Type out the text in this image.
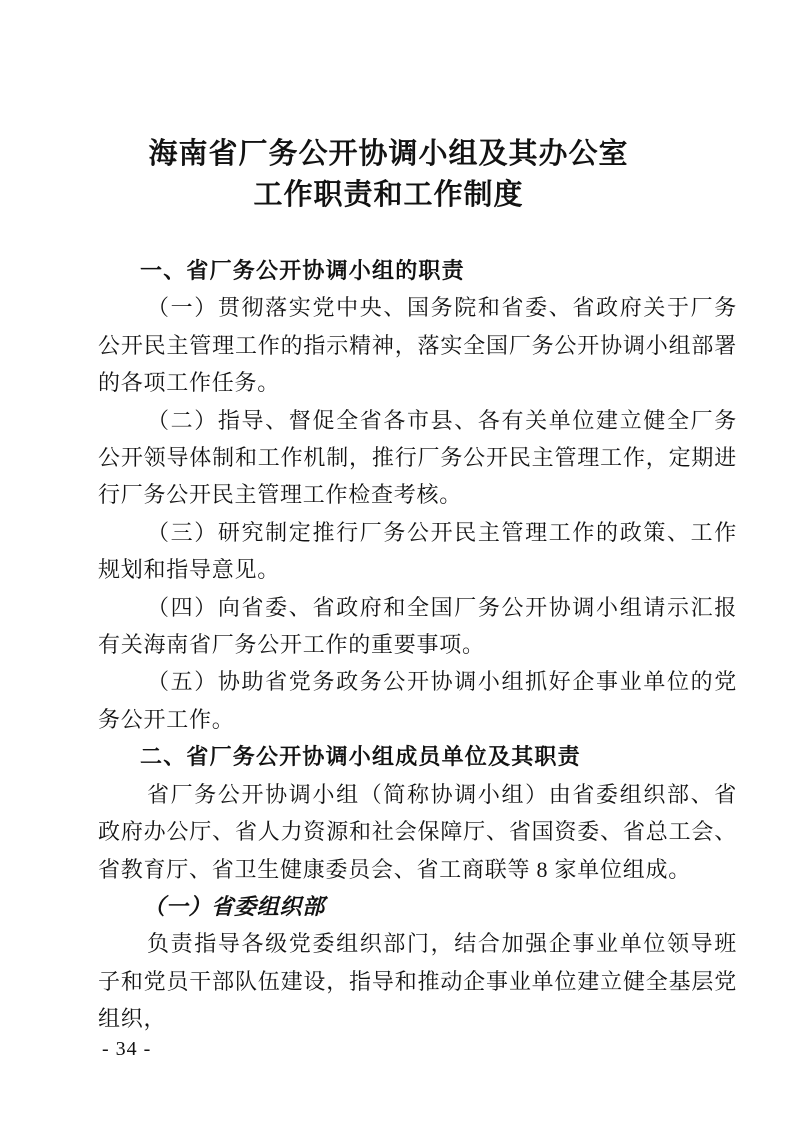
海南省厂务公开协调小组及其办公室
工作职责和工作制度

一、省厂务公开协调小组的职责

（一）贯彻落实党中央、国务院和省委、省政府关于厂务公开民主管理工作的指示精神，落实全国厂务公开协调小组部署的各项工作任务。

（二）指导、督促全省各市县、各有关单位建立健全厂务公开领导体制和工作机制，推行厂务公开民主管理工作，定期进行厂务公开民主管理工作检查考核。

（三）研究制定推行厂务公开民主管理工作的政策、工作规划和指导意见。

（四）向省委、省政府和全国厂务公开协调小组请示汇报有关海南省厂务公开工作的重要事项。

（五）协助省党务政务公开协调小组抓好企事业单位的党务公开工作。

二、省厂务公开协调小组成员单位及其职责

省厂务公开协调小组（简称协调小组）由省委组织部、省政府办公厅、省人力资源和社会保障厅、省国资委、省总工会、省教育厅、省卫生健康委员会、省工商联等 8 家单位组成。

（一）省委组织部

负责指导各级党委组织部门，结合加强企事业单位领导班子和党员干部队伍建设，指导和推动企事业单位建立健全基层党组织，

- 34 -
